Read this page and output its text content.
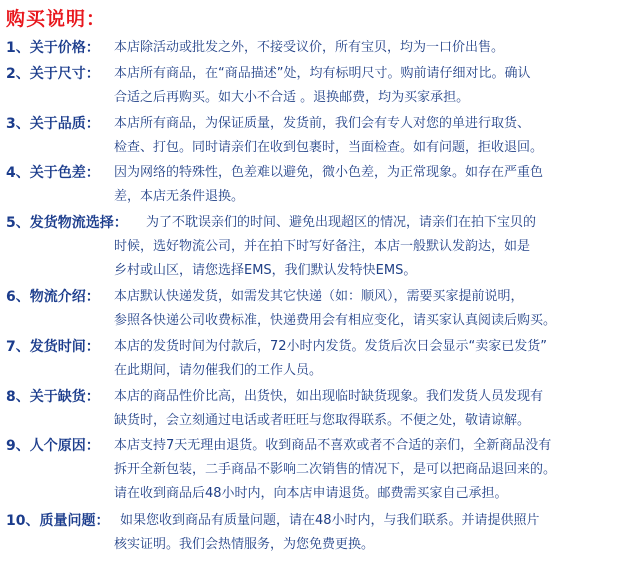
购买说明：
1、关于价格： 本店除活动或批发之外，不接受议价，所有宝贝，均为一口价出售。
2、关于尺寸： 本店所有商品，在“商品描述”处，均有标明尺寸。购前请仔细对比。确认
合适之后再购买。如大小不合适 。退换邮费，均为买家承担。
3、关于品质： 本店所有商品，为保证质量，发货前，我们会有专人对您的单进行取货、
检查、打包。同时请亲们在收到包裹时，当面检查。如有问题，拒收退回。
4、关于色差： 因为网络的特殊性，色差难以避免，微小色差，为正常现象。如存在严重色
差，本店无条件退换。
5、发货物流选择： 为了不耽误亲们的时间、避免出现超区的情况，请亲们在拍下宝贝的
时候，选好物流公司，并在拍下时写好备注，本店一般默认发韵达，如是
乡村或山区，请您选择EMS，我们默认发特快EMS。
6、物流介绍： 本店默认快递发货，如需发其它快递（如：顺风），需要买家提前说明，
参照各快递公司收费标准，快递费用会有相应变化，请买家认真阅读后购买。
7、发货时间： 本店的发货时间为付款后，72小时内发货。发货后次日会显示“卖家已发货”
在此期间，请勿催我们的工作人员。
8、关于缺货： 本店的商品性价比高，出货快，如出现临时缺货现象。我们发货人员发现有
缺货时，会立刻通过电话或者旺旺与您取得联系。不便之处，敬请谅解。
9、人个原因： 本店支持7天无理由退货。收到商品不喜欢或者不合适的亲们，全新商品没有
拆开全新包装，二手商品不影响二次销售的情况下，是可以把商品退回来的。
请在收到商品后48小时内，向本店申请退货。邮费需买家自己承担。
10、质量问题： 如果您收到商品有质量问题，请在48小时内，与我们联系。并请提供照片
核实证明。我们会热情服务，为您免费更换。
